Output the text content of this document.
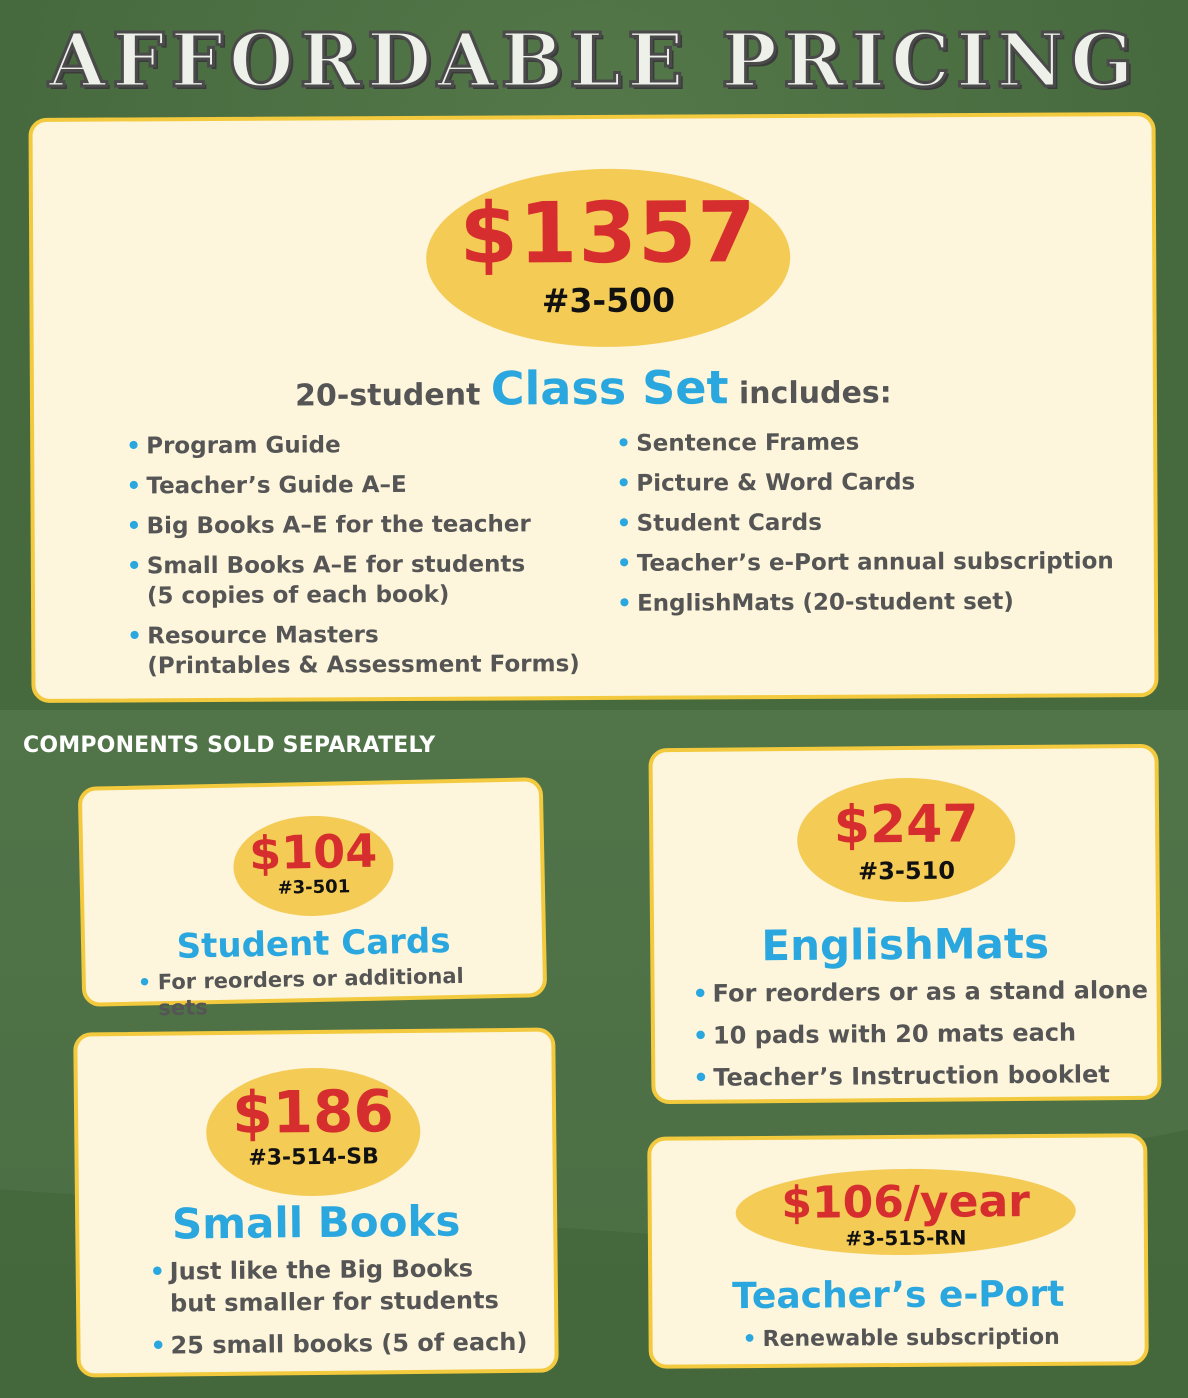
AFFORDABLE PRICING
$1357
#3-500
20-student Class Set includes:
• Program Guide
• Teacher’s Guide A–E
• Big Books A–E for the teacher
• Small Books A–E for students
(5 copies of each book)
• Resource Masters
(Printables & Assessment Forms)
• Sentence Frames
• Picture & Word Cards
• Student Cards
• Teacher’s e-Port annual subscription
• EnglishMats (20-student set)
COMPONENTS SOLD SEPARATELY
$104
#3-501
Student Cards
• For reorders or additional sets
$186
#3-514-SB
Small Books
• Just like the Big Books
but smaller for students
• 25 small books (5 of each)
$247
#3-510
EnglishMats
• For reorders or as a stand alone
• 10 pads with 20 mats each
• Teacher’s Instruction booklet
$106/year
#3-515-RN
Teacher’s e-Port
• Renewable subscription
